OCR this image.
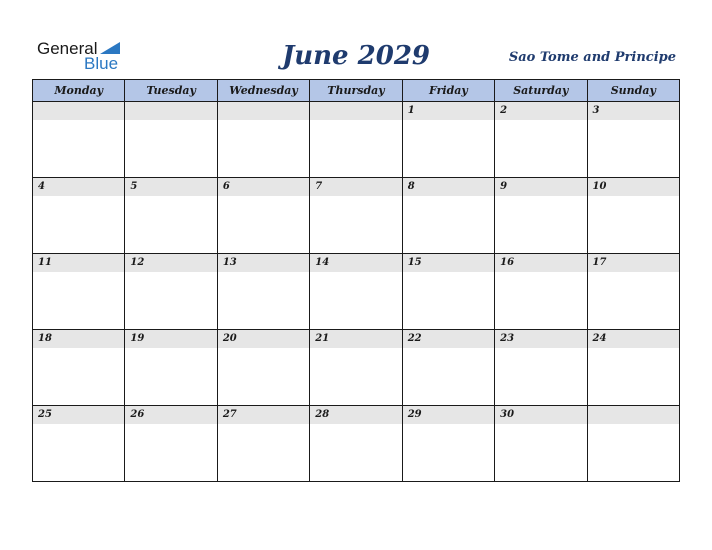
General
Blue	June 2029	Sao Tome and Principe
Monday	Tuesday	Wednesday	Thursday	Friday	Saturday	Sunday

				1	2	3

4	5	6	7	8	9	10

11	12	13	14	15	16	17

18	19	20	21	22	23	24

25	26	27	28	29	30	
